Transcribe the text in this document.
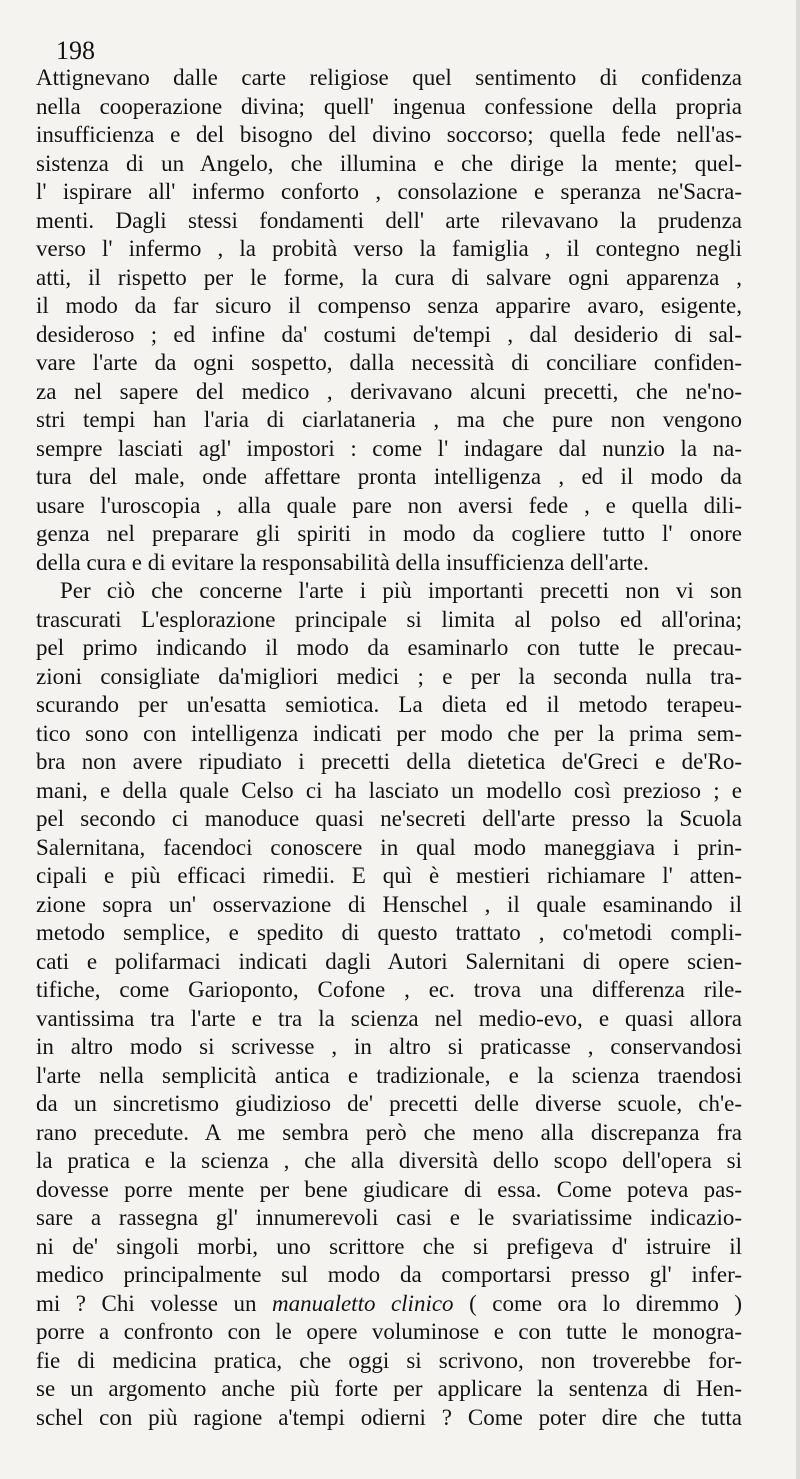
198
Attignevano dalle carte religiose quel sentimento di confidenza
nella cooperazione divina; quell' ingenua confessione della propria
insufficienza e del bisogno del divino soccorso; quella fede nell'as-
sistenza di un Angelo, che illumina e che dirige la mente; quel-
l' ispirare all' infermo conforto , consolazione e speranza ne'Sacra-
menti. Dagli stessi fondamenti dell' arte rilevavano la prudenza
verso l' infermo , la probità verso la famiglia , il contegno negli
atti, il rispetto per le forme, la cura di salvare ogni apparenza ,
il modo da far sicuro il compenso senza apparire avaro, esigente,
desideroso ; ed infine da' costumi de'tempi , dal desiderio di sal-
vare l'arte da ogni sospetto, dalla necessità di conciliare confiden-
za nel sapere del medico , derivavano alcuni precetti, che ne'no-
stri tempi han l'aria di ciarlataneria , ma che pure non vengono
sempre lasciati agl' impostori : come l' indagare dal nunzio la na-
tura del male, onde affettare pronta intelligenza , ed il modo da
usare l'uroscopia , alla quale pare non aversi fede , e quella dili-
genza nel preparare gli spiriti in modo da cogliere tutto l' onore
della cura e di evitare la responsabilità della insufficienza dell'arte.
Per ciò che concerne l'arte i più importanti precetti non vi son
trascurati L'esplorazione principale si limita al polso ed all'orina;
pel primo indicando il modo da esaminarlo con tutte le precau-
zioni consigliate da'migliori medici ; e per la seconda nulla tra-
scurando per un'esatta semiotica. La dieta ed il metodo terapeu-
tico sono con intelligenza indicati per modo che per la prima sem-
bra non avere ripudiato i precetti della dietetica de'Greci e de'Ro-
mani, e della quale Celso ci ha lasciato un modello così prezioso ; e
pel secondo ci manoduce quasi ne'secreti dell'arte presso la Scuola
Salernitana, facendoci conoscere in qual modo maneggiava i prin-
cipali e più efficaci rimedii. E quì è mestieri richiamare l' atten-
zione sopra un' osservazione di Henschel , il quale esaminando il
metodo semplice, e spedito di questo trattato , co'metodi compli-
cati e polifarmaci indicati dagli Autori Salernitani di opere scien-
tifiche, come Garioponto, Cofone , ec. trova una differenza rile-
vantissima tra l'arte e tra la scienza nel medio-evo, e quasi allora
in altro modo si scrivesse , in altro si praticasse , conservandosi
l'arte nella semplicità antica e tradizionale, e la scienza traendosi
da un sincretismo giudizioso de' precetti delle diverse scuole, ch'e-
rano precedute. A me sembra però che meno alla discrepanza fra
la pratica e la scienza , che alla diversità dello scopo dell'opera si
dovesse porre mente per bene giudicare di essa. Come poteva pas-
sare a rassegna gl' innumerevoli casi e le svariatissime indicazio-
ni de' singoli morbi, uno scrittore che si prefigeva d' istruire il
medico principalmente sul modo da comportarsi presso gl' infer-
mi ? Chi volesse un manualetto clinico ( come ora lo diremmo )
porre a confronto con le opere voluminose e con tutte le monogra-
fie di medicina pratica, che oggi si scrivono, non troverebbe for-
se un argomento anche più forte per applicare la sentenza di Hen-
schel con più ragione a'tempi odierni ? Come poter dire che tutta
